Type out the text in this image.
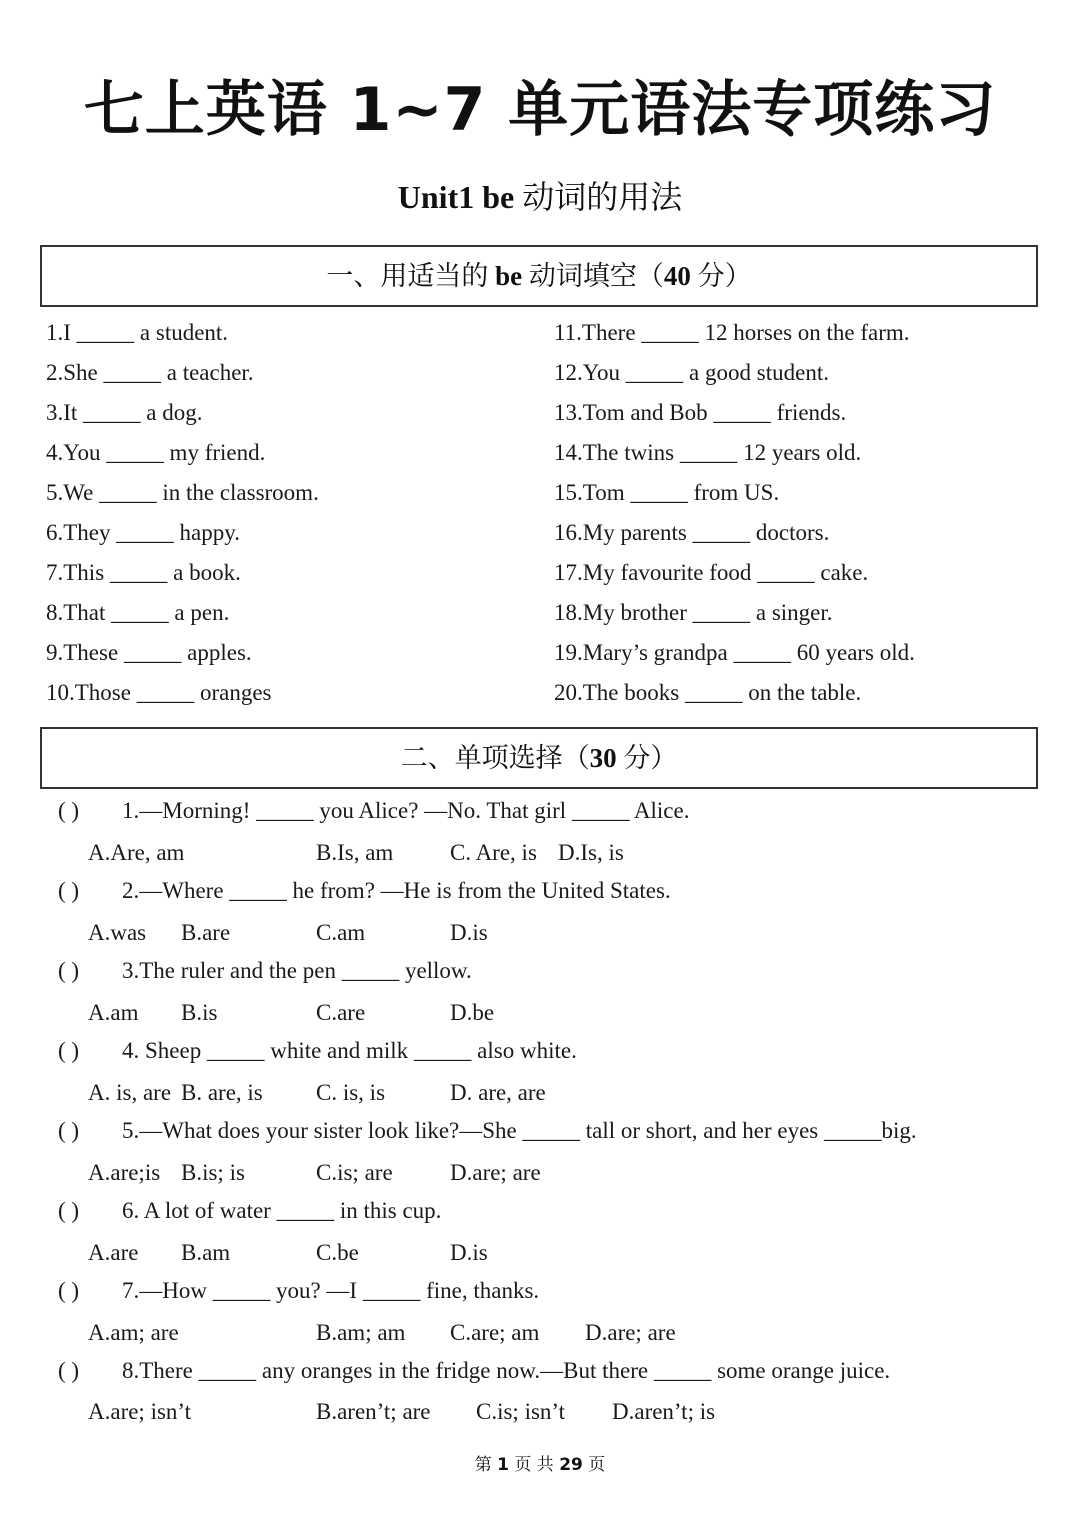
七上英语 1~7 单元语法专项练习
Unit1 be 动词的用法
一、用适当的 be 动词填空（40 分）
1.I _____ a student.
2.She _____ a teacher.
3.It _____ a dog.
4.You _____ my friend.
5.We _____ in the classroom.
6.They _____ happy.
7.This _____ a book.
8.That _____ a pen.
9.These _____ apples.
10.Those _____ oranges
11.There _____ 12 horses on the farm.
12.You _____ a good student.
13.Tom and Bob _____ friends.
14.The twins _____ 12 years old.
15.Tom _____ from US.
16.My parents _____ doctors.
17.My favourite food _____ cake.
18.My brother _____ a singer.
19.Mary’s grandpa _____ 60 years old.
20.The books _____ on the table.
二、单项选择（30 分）
( ) 1.—Morning! _____ you Alice? —No. That girl _____ Alice.
A.Are, am	B.Is, am C. Are, is D.Is, is
( ) 2.—Where _____ he from? —He is from the United States.
A.was B.are	C.am	D.is
( ) 3.The ruler and the pen _____ yellow.
A.am B.is	C.are	D.be
( ) 4. Sheep _____ white and milk _____ also white.
A. is, are B. are, is C. is, is	D. are, are
( ) 5.—What does your sister look like?—She _____ tall or short, and her eyes _____big.
A.are;is B.is; is	C.is; are D.are; are
( ) 6. A lot of water _____ in this cup.
A.are B.am	C.be	D.is
( ) 7.—How _____ you? —I _____ fine, thanks.
A.am; are	B.am; am C.are; am D.are; are
( ) 8.There _____ any oranges in the fridge now.—But there _____ some orange juice.
A.are; isn’t	B.aren’t; are C.is; isn’t D.aren’t; is
第 1 页 共 29 页
